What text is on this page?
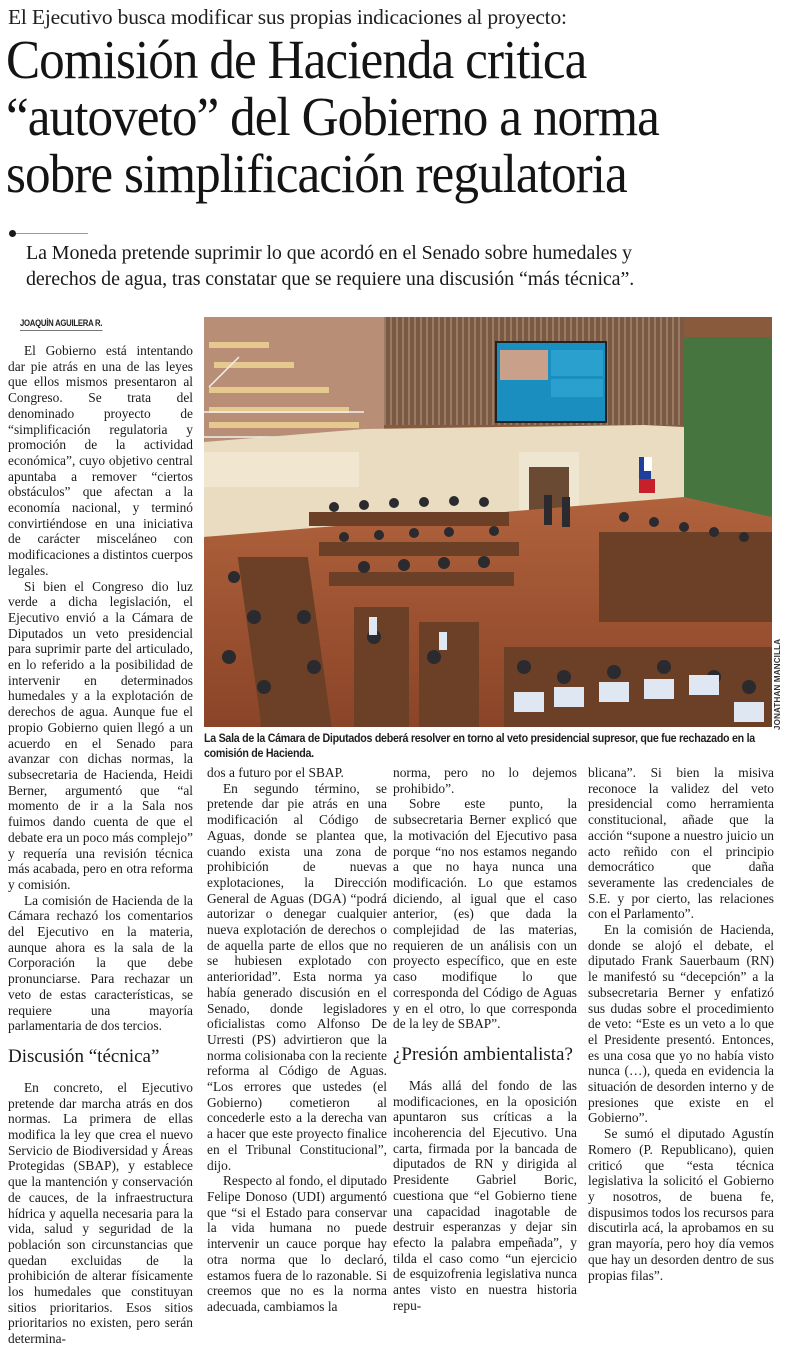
El Ejecutivo busca modificar sus propias indicaciones al proyecto:
Comisión de Hacienda critica
“autoveto” del Gobierno a norma
sobre simplificación regulatoria
La Moneda pretende suprimir lo que acordó en el Senado sobre humedales y
derechos de agua, tras constatar que se requiere una discusión “más técnica”.
JOAQUÍN AGUILERA R.
JONATHAN MANCILLA
La Sala de la Cámara de Diputados deberá resolver en torno al veto presidencial supresor, que fue rechazado en la comisión de Hacienda.

El Gobierno está intentando dar pie atrás en una de las leyes que ellos mismos presentaron al Congreso. Se trata del denominado proyecto de “simplificación regulatoria y promoción de la actividad económica”, cuyo objetivo central apuntaba a remover “ciertos obstáculos” que afectan a la economía nacional, y terminó convirtiéndose en una iniciativa de carácter misceláneo con modificaciones a distintos cuerpos legales.

Si bien el Congreso dio luz verde a dicha legislación, el Ejecutivo envió a la Cámara de Diputados un veto presidencial para suprimir parte del articulado, en lo referido a la posibilidad de intervenir en determinados humedales y a la explotación de derechos de agua. Aunque fue el propio Gobierno quien llegó a un acuerdo en el Senado para avanzar con dichas normas, la subsecretaria de Hacienda, Heidi Berner, argumentó que “al momento de ir a la Sala nos fuimos dando cuenta de que el debate era un poco más complejo” y requería una revisión técnica más acabada, pero en otra reforma y comisión.

La comisión de Hacienda de la Cámara rechazó los comentarios del Ejecutivo en la materia, aunque ahora es la sala de la Corporación la que debe pronunciarse. Para rechazar un veto de estas características, se requiere una mayoría parlamentaria de dos tercios.

Discusión “técnica”

En concreto, el Ejecutivo pretende dar marcha atrás en dos normas. La primera de ellas modifica la ley que crea el nuevo Servicio de Biodiversidad y Áreas Protegidas (SBAP), y establece que la mantención y conservación de cauces, de la infraestructura hídrica y aquella necesaria para la vida, salud y seguridad de la población son circunstancias que quedan excluidas de la prohibición de alterar físicamente los humedales que constituyan sitios prioritarios. Esos sitios prioritarios no existen, pero serán determina-

dos a futuro por el SBAP.

En segundo término, se pretende dar pie atrás en una modificación al Código de Aguas, donde se plantea que, cuando exista una zona de prohibición de nuevas explotaciones, la Dirección General de Aguas (DGA) “podrá autorizar o denegar cualquier nueva explotación de derechos o de aquella parte de ellos que no se hubiesen explotado con anterioridad”. Esta norma ya había generado discusión en el Senado, donde legisladores oficialistas como Alfonso De Urresti (PS) advirtieron que la norma colisionaba con la reciente reforma al Código de Aguas. “Los errores que ustedes (el Gobierno) cometieron al concederle esto a la derecha van a hacer que este proyecto finalice en el Tribunal Constitucional”, dijo.

Respecto al fondo, el diputado Felipe Donoso (UDI) argumentó que “si el Estado para conservar la vida humana no puede intervenir un cauce porque hay otra norma que lo declaró, estamos fuera de lo razonable. Si creemos que no es la norma adecuada, cambiamos la

norma, pero no lo dejemos prohibido”.

Sobre este punto, la subsecretaria Berner explicó que la motivación del Ejecutivo pasa porque “no nos estamos negando a que no haya nunca una modificación. Lo que estamos diciendo, al igual que el caso anterior, (es) que dada la complejidad de las materias, requieren de un análisis con un proyecto específico, que en este caso modifique lo que corresponda del Código de Aguas y en el otro, lo que corresponda de la ley de SBAP”.

¿Presión ambientalista?

Más allá del fondo de las modificaciones, en la oposición apuntaron sus críticas a la incoherencia del Ejecutivo. Una carta, firmada por la bancada de diputados de RN y dirigida al Presidente Gabriel Boric, cuestiona que “el Gobierno tiene una capacidad inagotable de destruir esperanzas y dejar sin efecto la palabra empeñada”, y tilda el caso como “un ejercicio de esquizofrenia legislativa nunca antes visto en nuestra historia repu-

blicana”. Si bien la misiva reconoce la validez del veto presidencial como herramienta constitucional, añade que la acción “supone a nuestro juicio un acto reñido con el principio democrático que daña severamente las credenciales de S.E. y por cierto, las relaciones con el Parlamento”.

En la comisión de Hacienda, donde se alojó el debate, el diputado Frank Sauerbaum (RN) le manifestó su “decepción” a la subsecretaria Berner y enfatizó sus dudas sobre el procedimiento de veto: “Este es un veto a lo que el Presidente presentó. Entonces, es una cosa que yo no había visto nunca (…), queda en evidencia la situación de desorden interno y de presiones que existe en el Gobierno”.

Se sumó el diputado Agustín Romero (P. Republicano), quien criticó que “esta técnica legislativa la solicitó el Gobierno y nosotros, de buena fe, dispusimos todos los recursos para discutirla acá, la aprobamos en su gran mayoría, pero hoy día vemos que hay un desorden dentro de sus propias filas”.
